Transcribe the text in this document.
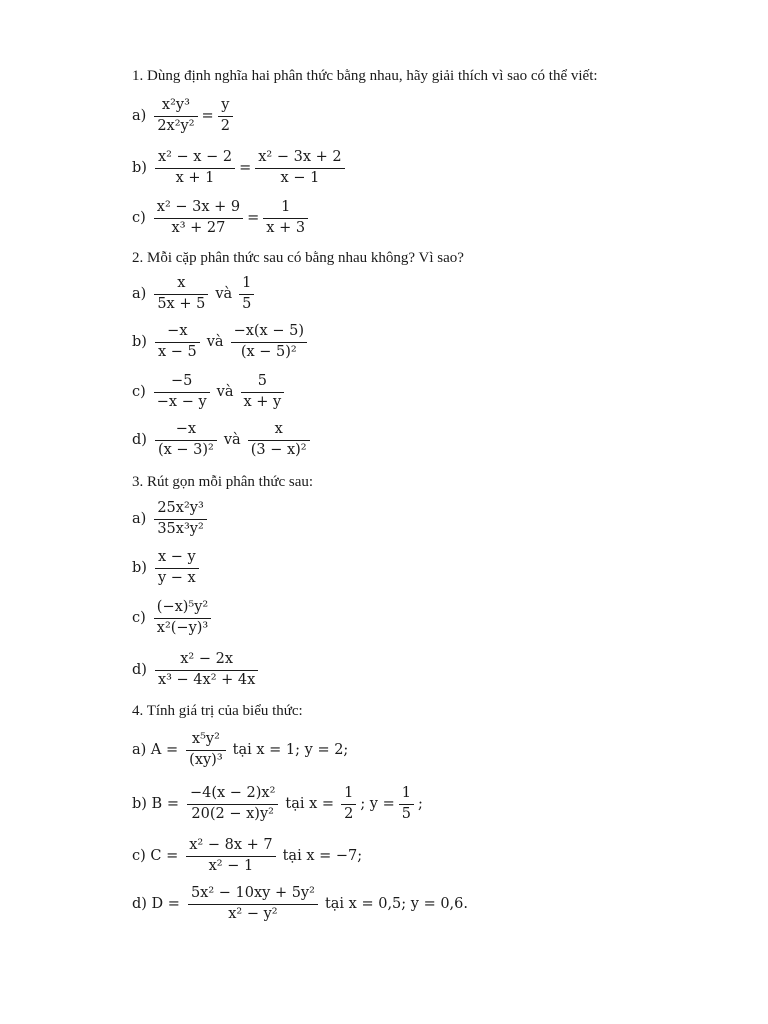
1. Dùng định nghĩa hai phân thức bằng nhau, hãy giải thích vì sao có thể viết:
$a) \frac{\text{x²y³}}{\text{2x²y²}} = \frac{y}{2}$
$b) \frac{\text{x² − x − 2}}{x + 1} = \frac{\text{x² − 3x + 2}}{x - 1}$
$c) \frac{\text{x² − 3x + 9}}{\text{x³ + 27}} = \frac{1}{x + 3}$
2. Mỗi cặp phân thức sau có bằng nhau không? Vì sao?
$a) \frac{x}{5x + 5}$ và $\frac{1}{5}$
$b) \frac{-x}{x - 5}$ và $\frac{-x(x - 5)}{\text{(x − 5)²}}$
$c) \frac{-5}{-x - y}$ và $\frac{5}{x + y}$
$d) \frac{-x}{\text{(x − 3)²}}$ và $\frac{x}{\text{(3 − x)²}}$
3. Rút gọn mỗi phân thức sau:
$a) \frac{\text{25x²y³}}{\text{35x³y²}}$
$b) \frac{x - y}{y - x}$
$c) \frac{\text{(−x)⁵y²}}{\text{x²(−y)³}}$
$d) \frac{\text{x² − 2x}}{\text{x³ − 4x² + 4x}}$
4. Tính giá trị của biểu thức:
a) $A = \frac{\text{x⁵y²}}{\text{(xy)³}}$ tại x = 1; y = 2;
b) $B = \frac{\text{−4(x − 2)x²}}{\text{20(2 − x)y²}}$ tại $x = \frac{1}{2}$ ; $y = \frac{1}{5}$ ;
c) $C = \frac{\text{x² − 8x + 7}}{\text{x² − 1}}$ tại x = −7;
d) $D = \frac{\text{5x² − 10xy + 5y²}}{\text{x² − y²}}$ tại x = 0,5; y = 0,6.
